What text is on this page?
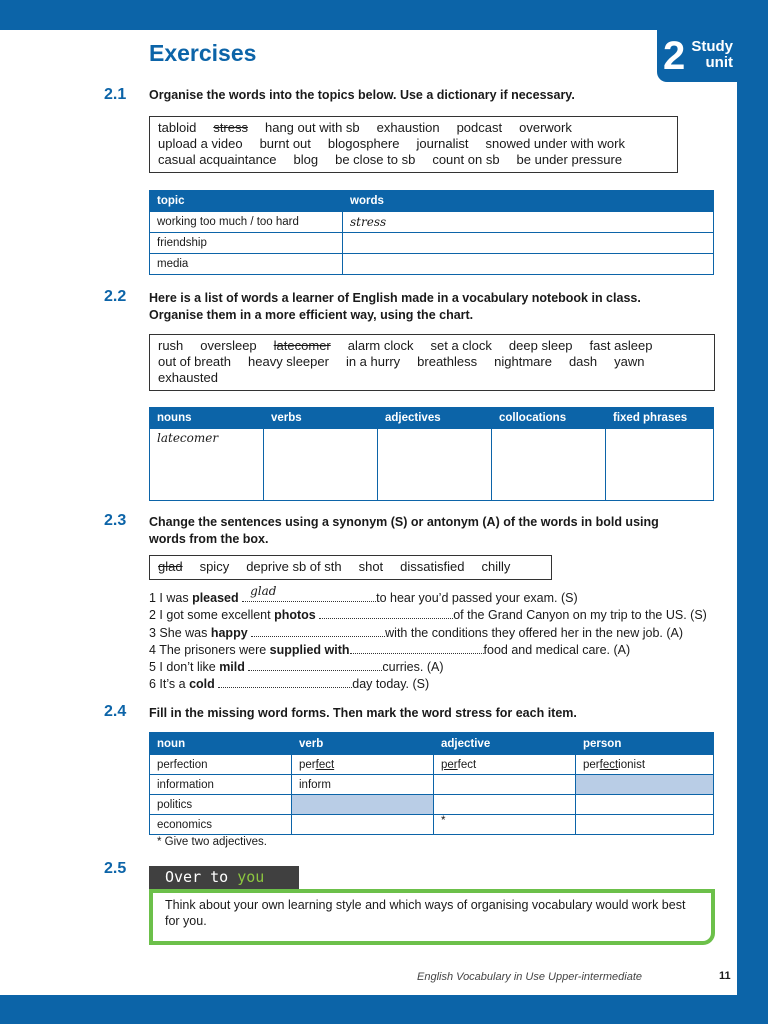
2 Study unit
Exercises
2.1 Organise the words into the topics below. Use a dictionary if necessary.
tabloid stress hang out with sb exhaustion podcast overwork
upload a video burnt out blogosphere journalist snowed under with work
casual acquaintance blog be close to sb count on sb be under pressure
topic	words
working too much / too hard	stress
friendship	
media	
2.2 Here is a list of words a learner of English made in a vocabulary notebook in class. Organise them in a more efficient way, using the chart.
rush oversleep latecomer alarm clock set a clock deep sleep fast asleep
out of breath heavy sleeper in a hurry breathless nightmare dash yawn
exhausted
nouns	verbs	adjectives	collocations	fixed phrases
latecomer				
2.3 Change the sentences using a synonym (S) or antonym (A) of the words in bold using words from the box.
glad spicy deprive sb of sth shot dissatisfied chilly
1 I was pleased glad	to hear you’d passed your exam. (S)
2 I got some excellent photos	of the Grand Canyon on my trip to the US. (S)
3 She was happy	with the conditions they offered her in the new job. (A)
4 The prisoners were supplied with	food and medical care. (A)
5 I don’t like mild	curries. (A)
6 It’s a cold	day today. (S)
2.4 Fill in the missing word forms. Then mark the word stress for each item.
noun	verb	adjective	person
perfection	perfect	perfect	perfectionist
information	inform		
politics			
economics		*	
* Give two adjectives.
2.5	Over to you
Think about your own learning style and which ways of organising vocabulary would work best for you.
English Vocabulary in Use Upper-intermediate	11
